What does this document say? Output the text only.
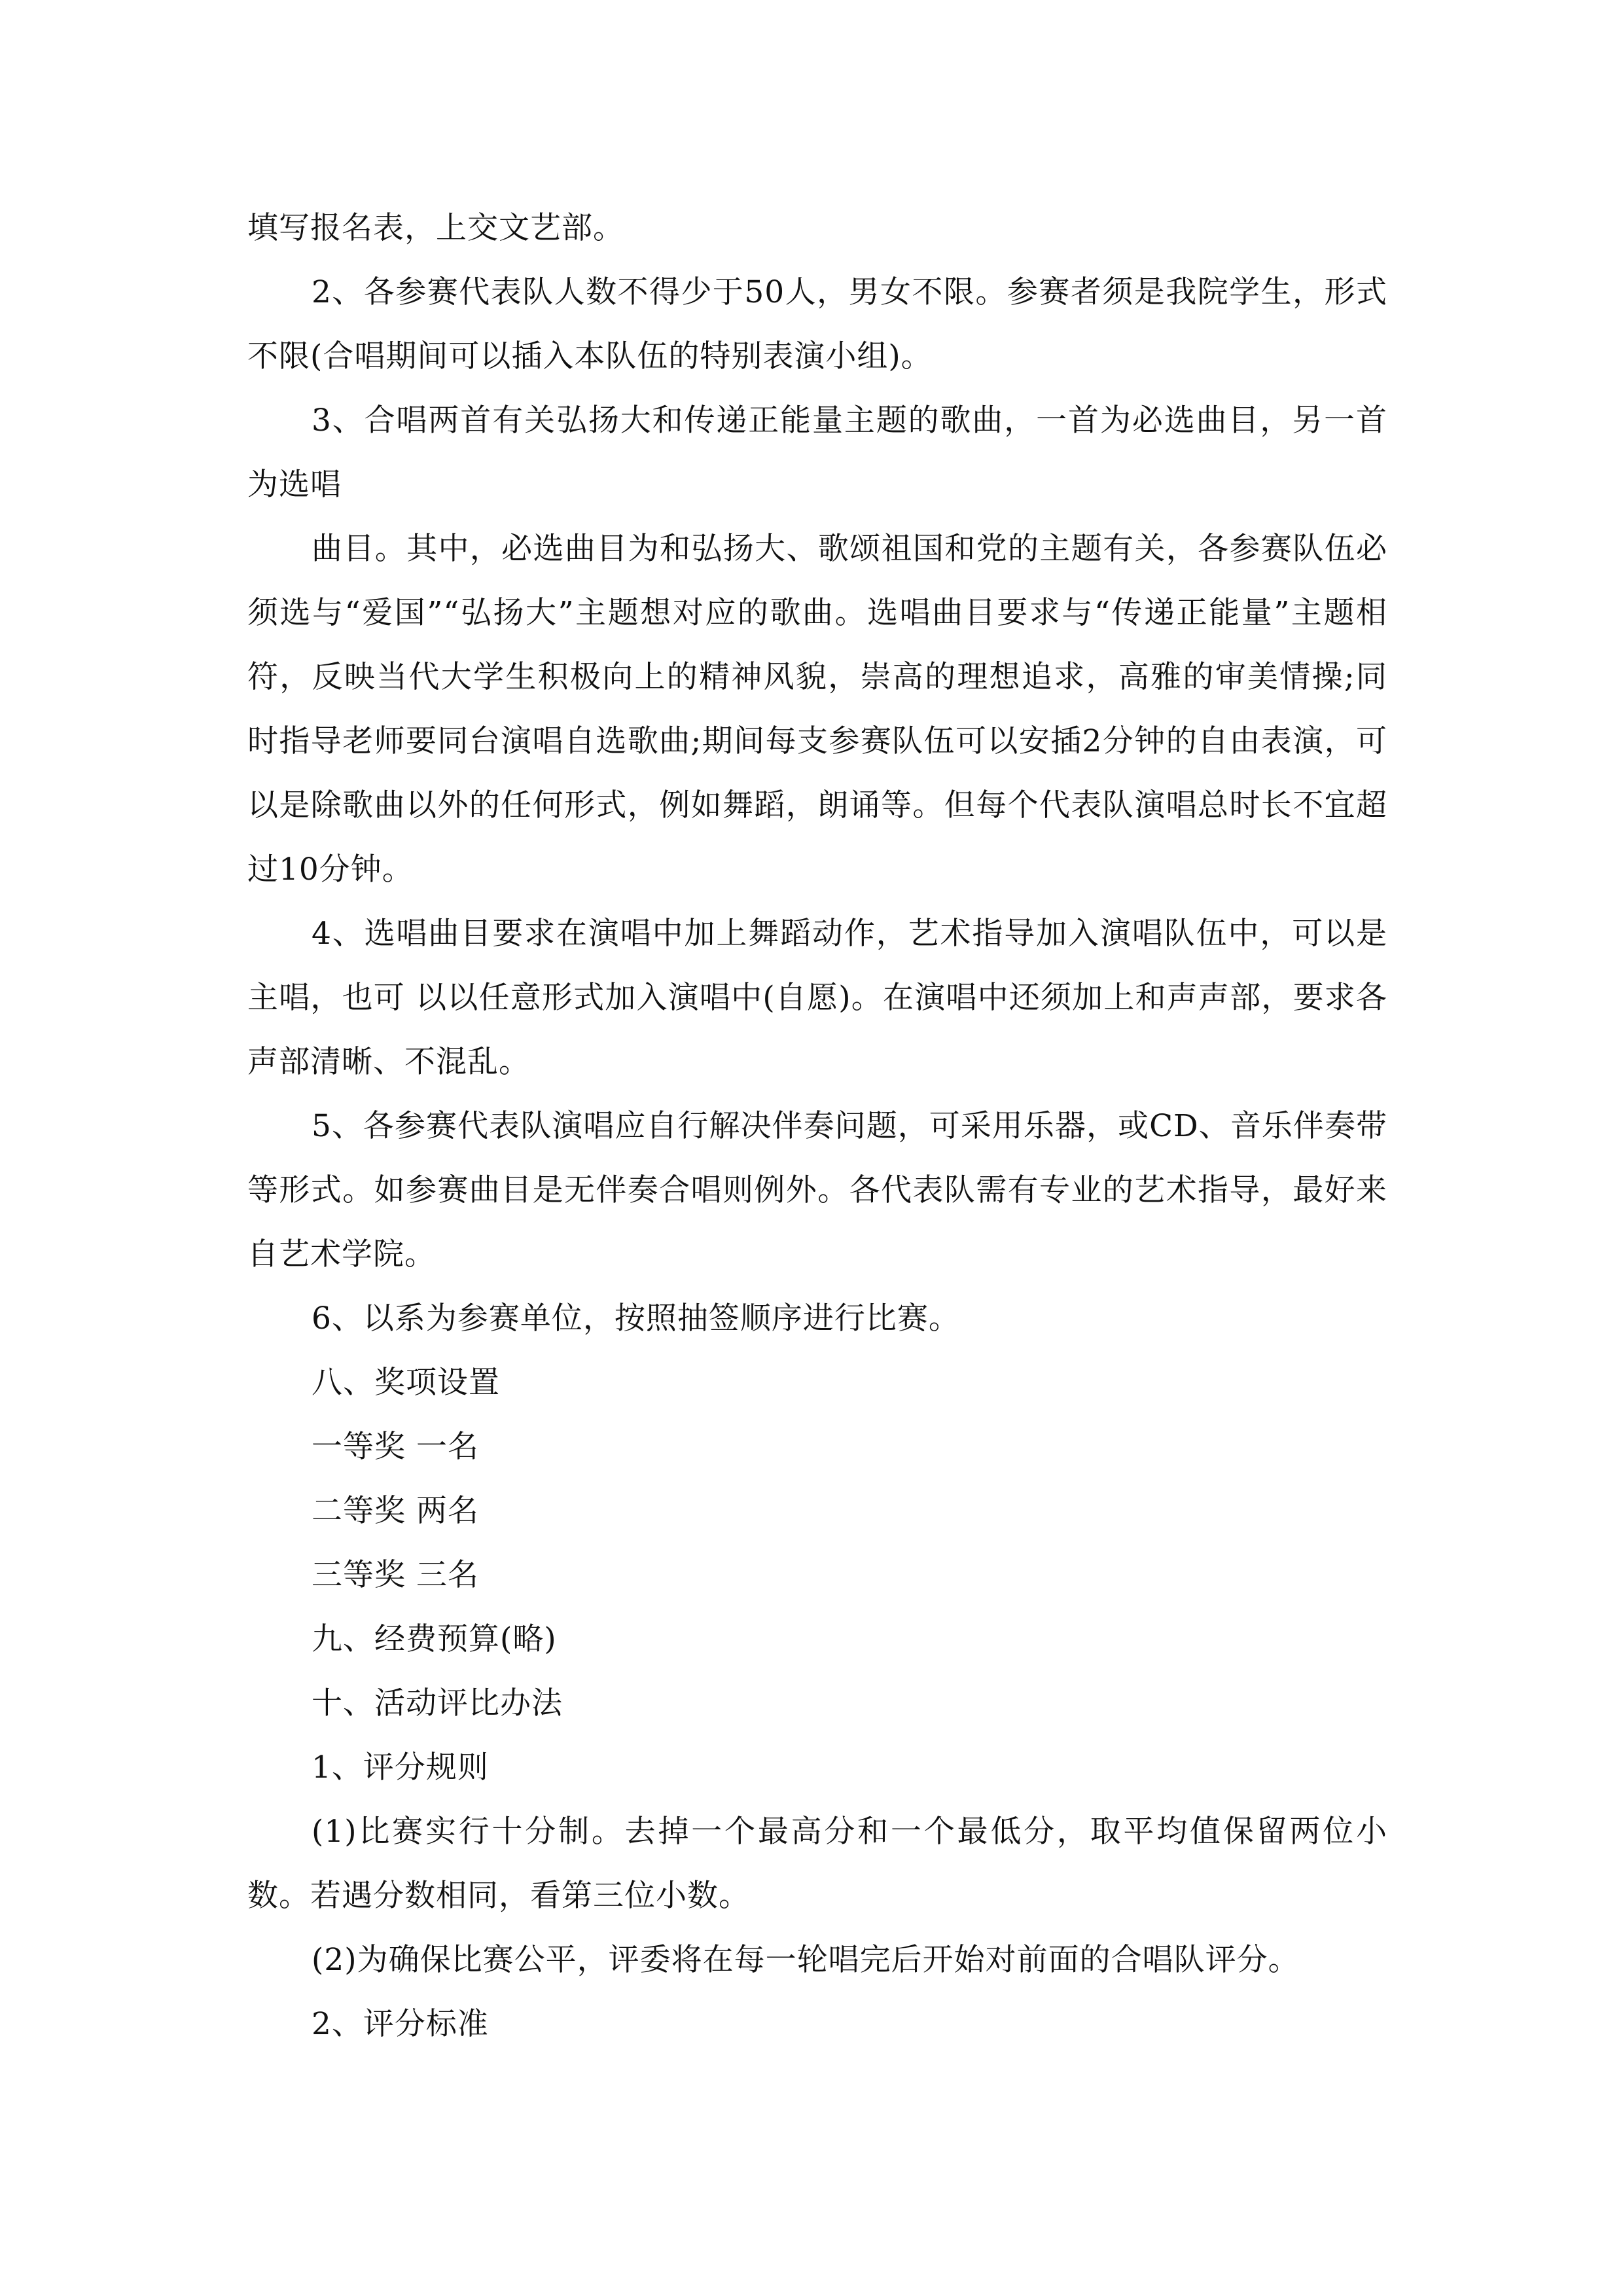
填写报名表，上交文艺部。

2、各参赛代表队人数不得少于50人，男女不限。参赛者须是我院学生，形式不限(合唱期间可以插入本队伍的特别表演小组)。

3、合唱两首有关弘扬大和传递正能量主题的歌曲，一首为必选曲目，另一首为选唱

曲目。其中，必选曲目为和弘扬大、歌颂祖国和党的主题有关，各参赛队伍必须选与“爱国”“弘扬大”主题想对应的歌曲。选唱曲目要求与“传递正能量”主题相符，反映当代大学生积极向上的精神风貌，崇高的理想追求，高雅的审美情操;同时指导老师要同台演唱自选歌曲;期间每支参赛队伍可以安插2分钟的自由表演，可以是除歌曲以外的任何形式，例如舞蹈，朗诵等。但每个代表队演唱总时长不宜超过10分钟。

4、选唱曲目要求在演唱中加上舞蹈动作，艺术指导加入演唱队伍中，可以是主唱，也可 以以任意形式加入演唱中(自愿)。在演唱中还须加上和声声部，要求各声部清晰、不混乱。

5、各参赛代表队演唱应自行解决伴奏问题，可采用乐器，或CD、音乐伴奏带等形式。如参赛曲目是无伴奏合唱则例外。各代表队需有专业的艺术指导，最好来自艺术学院。

6、以系为参赛单位，按照抽签顺序进行比赛。

八、奖项设置

一等奖 一名

二等奖 两名

三等奖 三名

九、经费预算(略)

十、活动评比办法

1、评分规则

(1)比赛实行十分制。去掉一个最高分和一个最低分，取平均值保留两位小数。若遇分数相同，看第三位小数。

(2)为确保比赛公平，评委将在每一轮唱完后开始对前面的合唱队评分。

2、评分标准
